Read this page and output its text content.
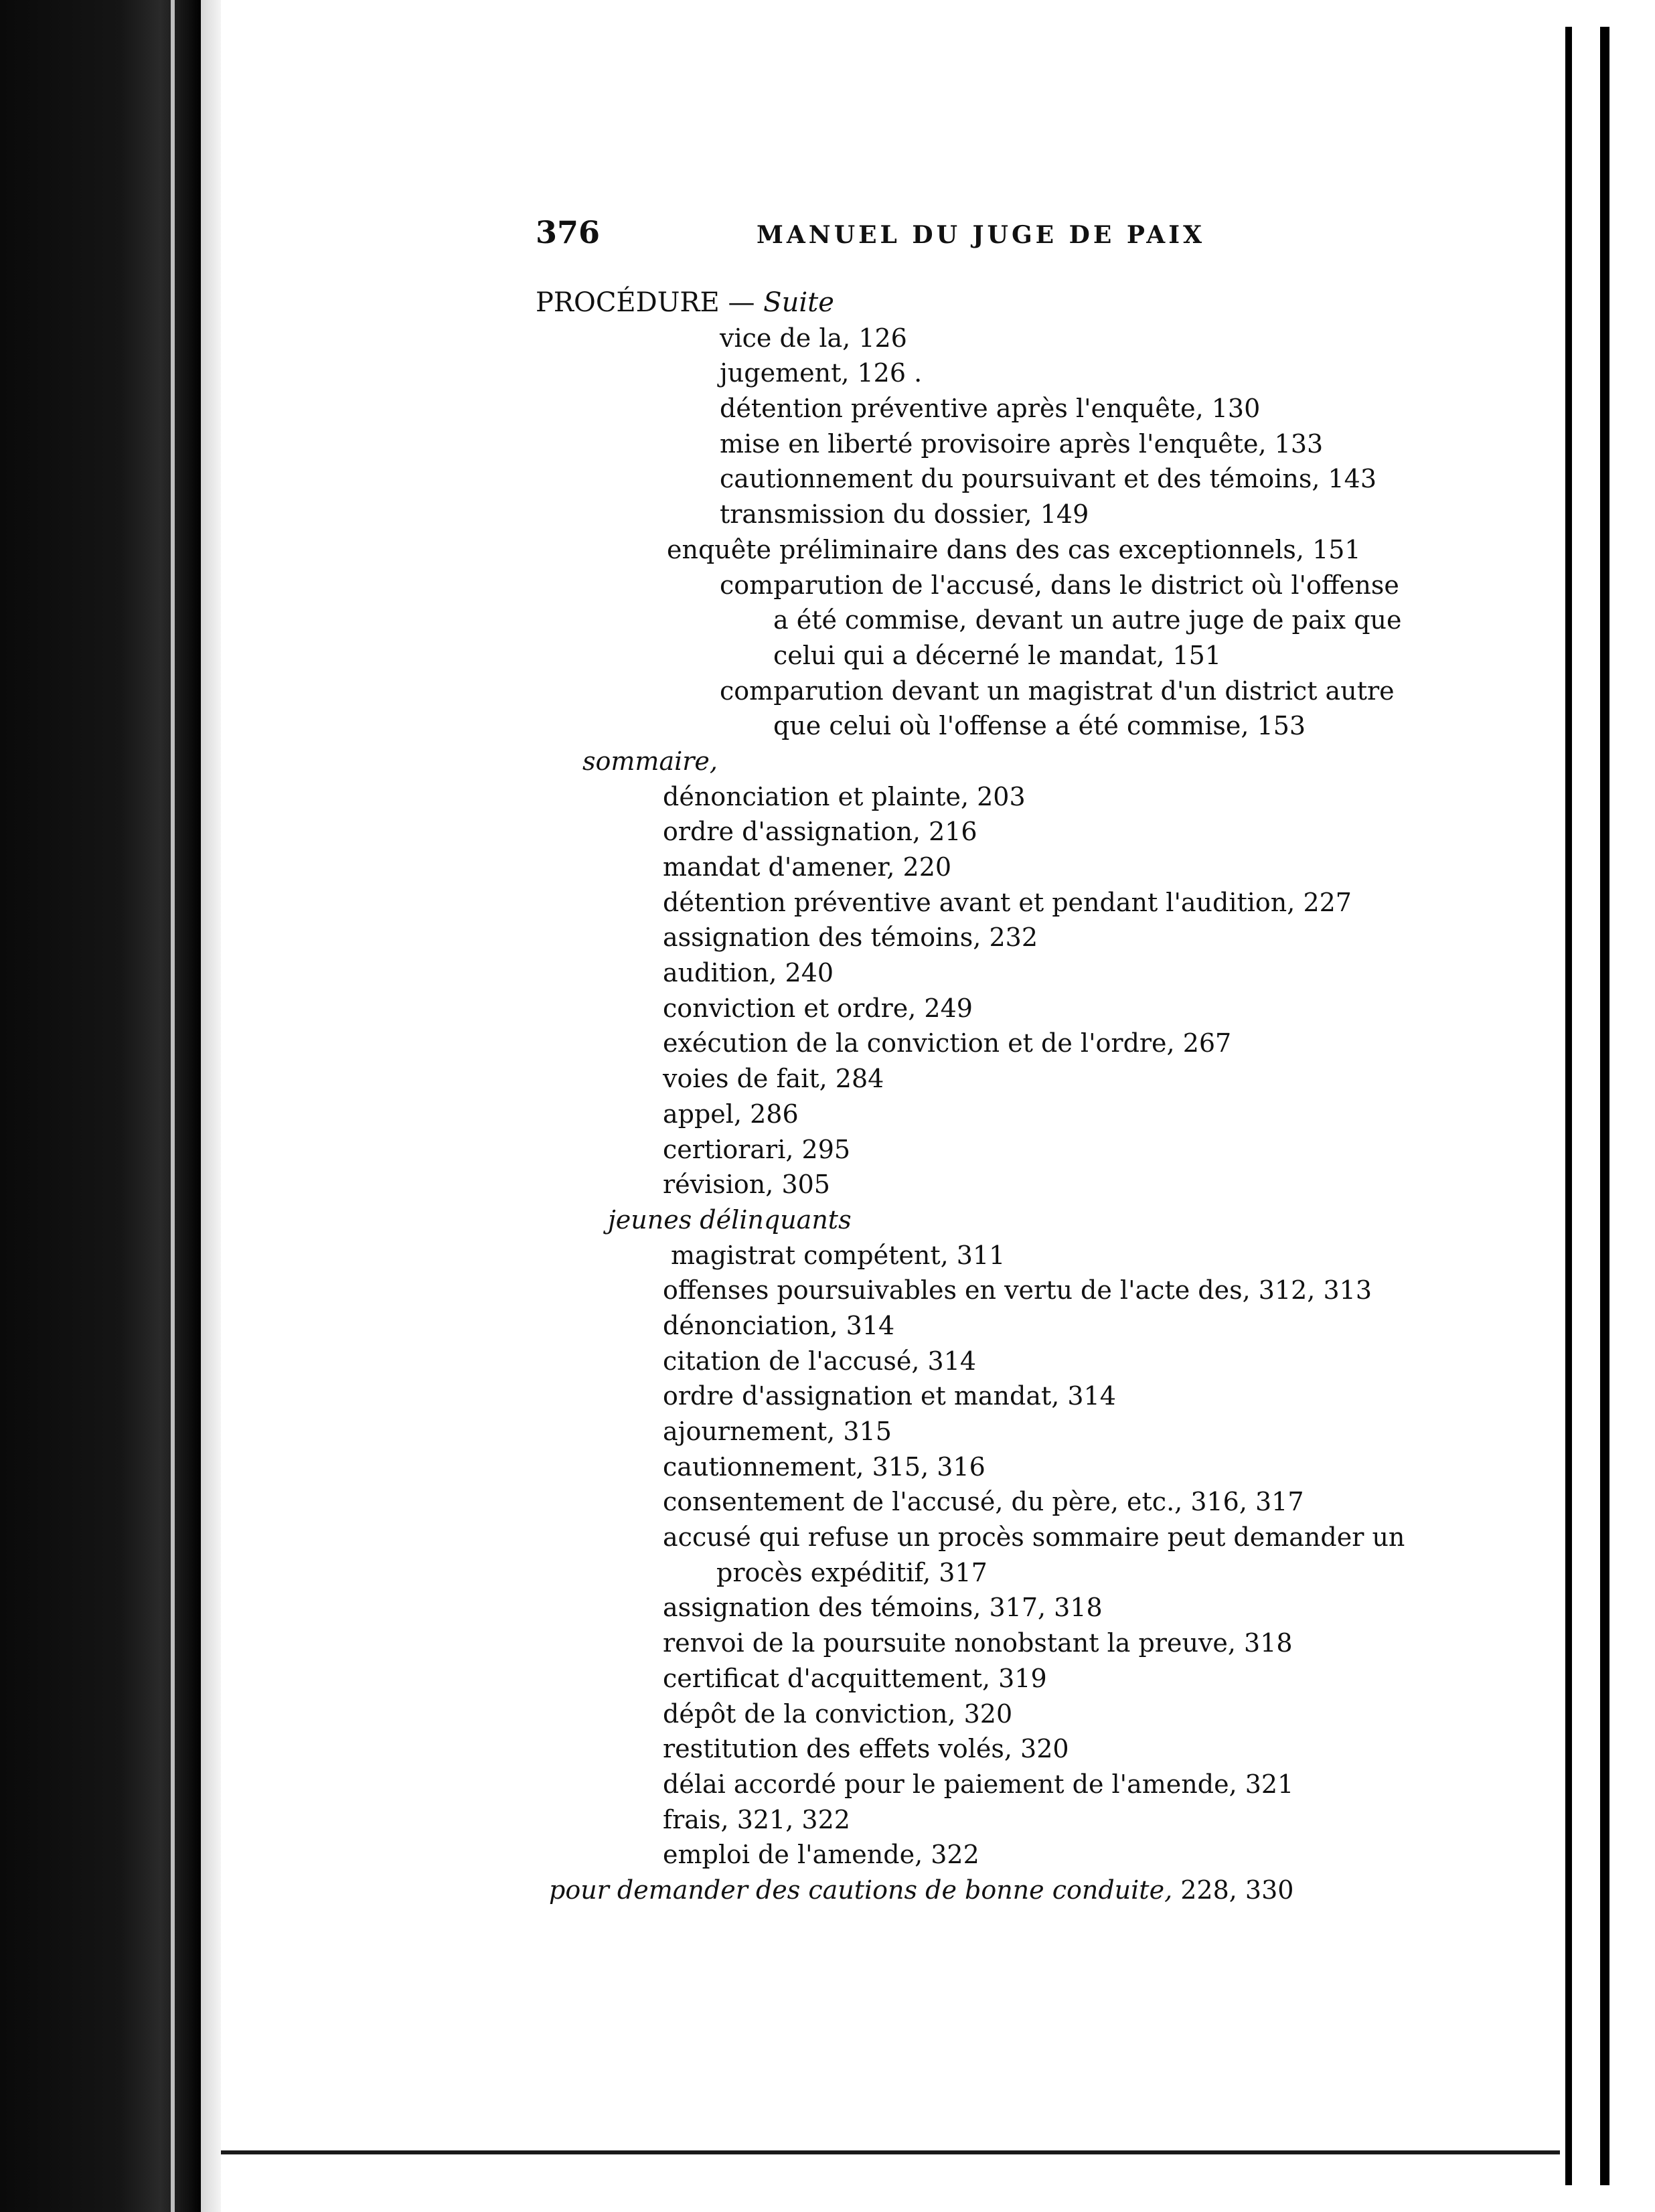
376	MANUEL DU JUGE DE PAIX
PROCÉDURE — Suite
vice de la, 126
jugement, 126 .
détention préventive après l'enquête, 130
mise en liberté provisoire après l'enquête, 133
cautionnement du poursuivant et des témoins, 143
transmission du dossier, 149
enquête préliminaire dans des cas exceptionnels, 151
comparution de l'accusé, dans le district où l'offense
a été commise, devant un autre juge de paix que
celui qui a décerné le mandat, 151
comparution devant un magistrat d'un district autre
que celui où l'offense a été commise, 153
sommaire,
dénonciation et plainte, 203
ordre d'assignation, 216
mandat d'amener, 220
détention préventive avant et pendant l'audition, 227
assignation des témoins, 232
audition, 240
conviction et ordre, 249
exécution de la conviction et de l'ordre, 267
voies de fait, 284
appel, 286
certiorari, 295
révision, 305
jeunes délinquants
magistrat compétent, 311
offenses poursuivables en vertu de l'acte des, 312, 313
dénonciation, 314
citation de l'accusé, 314
ordre d'assignation et mandat, 314
ajournement, 315
cautionnement, 315, 316
consentement de l'accusé, du père, etc., 316, 317
accusé qui refuse un procès sommaire peut demander un
procès expéditif, 317
assignation des témoins, 317, 318
renvoi de la poursuite nonobstant la preuve, 318
certificat d'acquittement, 319
dépôt de la conviction, 320
restitution des effets volés, 320
délai accordé pour le paiement de l'amende, 321
frais, 321, 322
emploi de l'amende, 322
pour demander des cautions de bonne conduite, 228, 330
